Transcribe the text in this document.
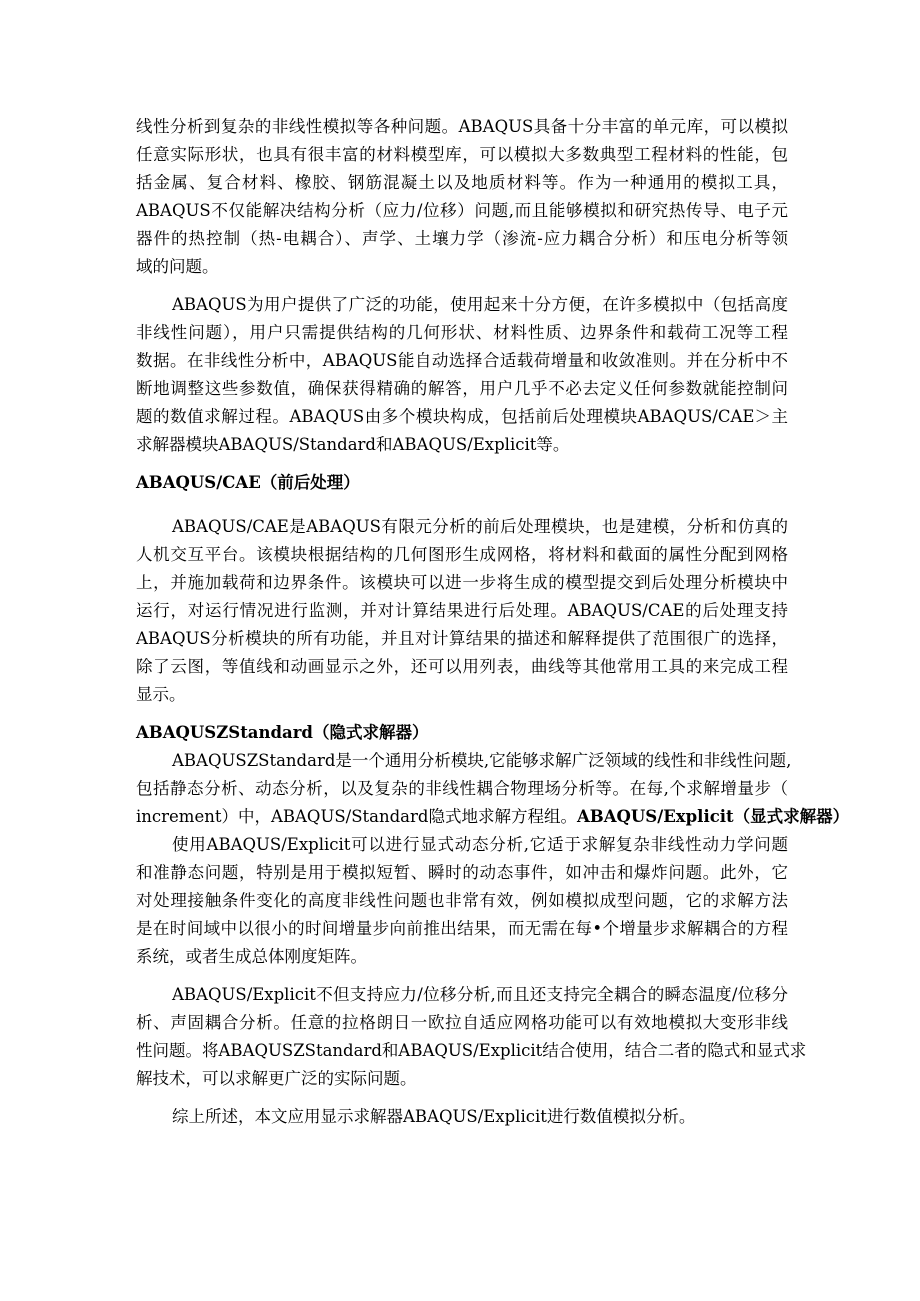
线性分析到复杂的非线性模拟等各种问题。ABAQUS具备十分丰富的单元库，可以模拟
任意实际形状，也具有很丰富的材料模型库，可以模拟大多数典型工程材料的性能，包
括金属、复合材料、橡胶、钢筋混凝土以及地质材料等。作为一种通用的模拟工具，
ABAQUS不仅能解决结构分析（应力/位移）问题,而且能够模拟和研究热传导、电子元
器件的热控制（热-电耦合）、声学、土壤力学（渗流-应力耦合分析）和压电分析等领
域的问题。
ABAQUS为用户提供了广泛的功能，使用起来十分方便，在许多模拟中（包括高度
非线性问题），用户只需提供结构的几何形状、材料性质、边界条件和载荷工况等工程
数据。在非线性分析中，ABAQUS能自动选择合适载荷增量和收敛准则。并在分析中不
断地调整这些参数值，确保获得精确的解答，用户几乎不必去定义任何参数就能控制问
题的数值求解过程。ABAQUS由多个模块构成，包括前后处理模块ABAQUS/CAE＞主
求解器模块ABAQUS/Standard和ABAQUS/Explicit等。
ABAQUS/CAE（前后处理）
ABAQUS/CAE是ABAQUS有限元分析的前后处理模块，也是建模，分析和仿真的
人机交互平台。该模块根据结构的几何图形生成网格，将材料和截面的属性分配到网格
上，并施加载荷和边界条件。该模块可以进一步将生成的模型提交到后处理分析模块中
运行，对运行情况进行监测，并对计算结果进行后处理。ABAQUS/CAE的后处理支持
ABAQUS分析模块的所有功能，并且对计算结果的描述和解释提供了范围很广的选择，
除了云图，等值线和动画显示之外，还可以用列表，曲线等其他常用工具的来完成工程
显示。
ABAQUSZStandard（隐式求解器）
ABAQUSZStandard是一个通用分析模块,它能够求解广泛领域的线性和非线性问题,
包括静态分析、动态分析，以及复杂的非线性耦合物理场分析等。在每,个求解增量步（
increment）中，ABAQUS/Standard隐式地求解方程组。ABAQUS/Explicit（显式求解器）
使用ABAQUS/Explicit可以进行显式动态分析,它适于求解复杂非线性动力学问题
和准静态问题，特别是用于模拟短暂、瞬时的动态事件，如冲击和爆炸问题。此外，它
对处理接触条件变化的高度非线性问题也非常有效，例如模拟成型问题，它的求解方法
是在时间域中以很小的时间增量步向前推出结果，而无需在每•个增量步求解耦合的方程
系统，或者生成总体刚度矩阵。
ABAQUS/Explicit不但支持应力/位移分析,而且还支持完全耦合的瞬态温度/位移分
析、声固耦合分析。任意的拉格朗日一欧拉自适应网格功能可以有效地模拟大变形非线
性问题。将ABAQUSZStandard和ABAQUS/Explicit结合使用，结合二者的隐式和显式求
解技术，可以求解更广泛的实际问题。
综上所述，本文应用显示求解器ABAQUS/Explicit进行数值模拟分析。
